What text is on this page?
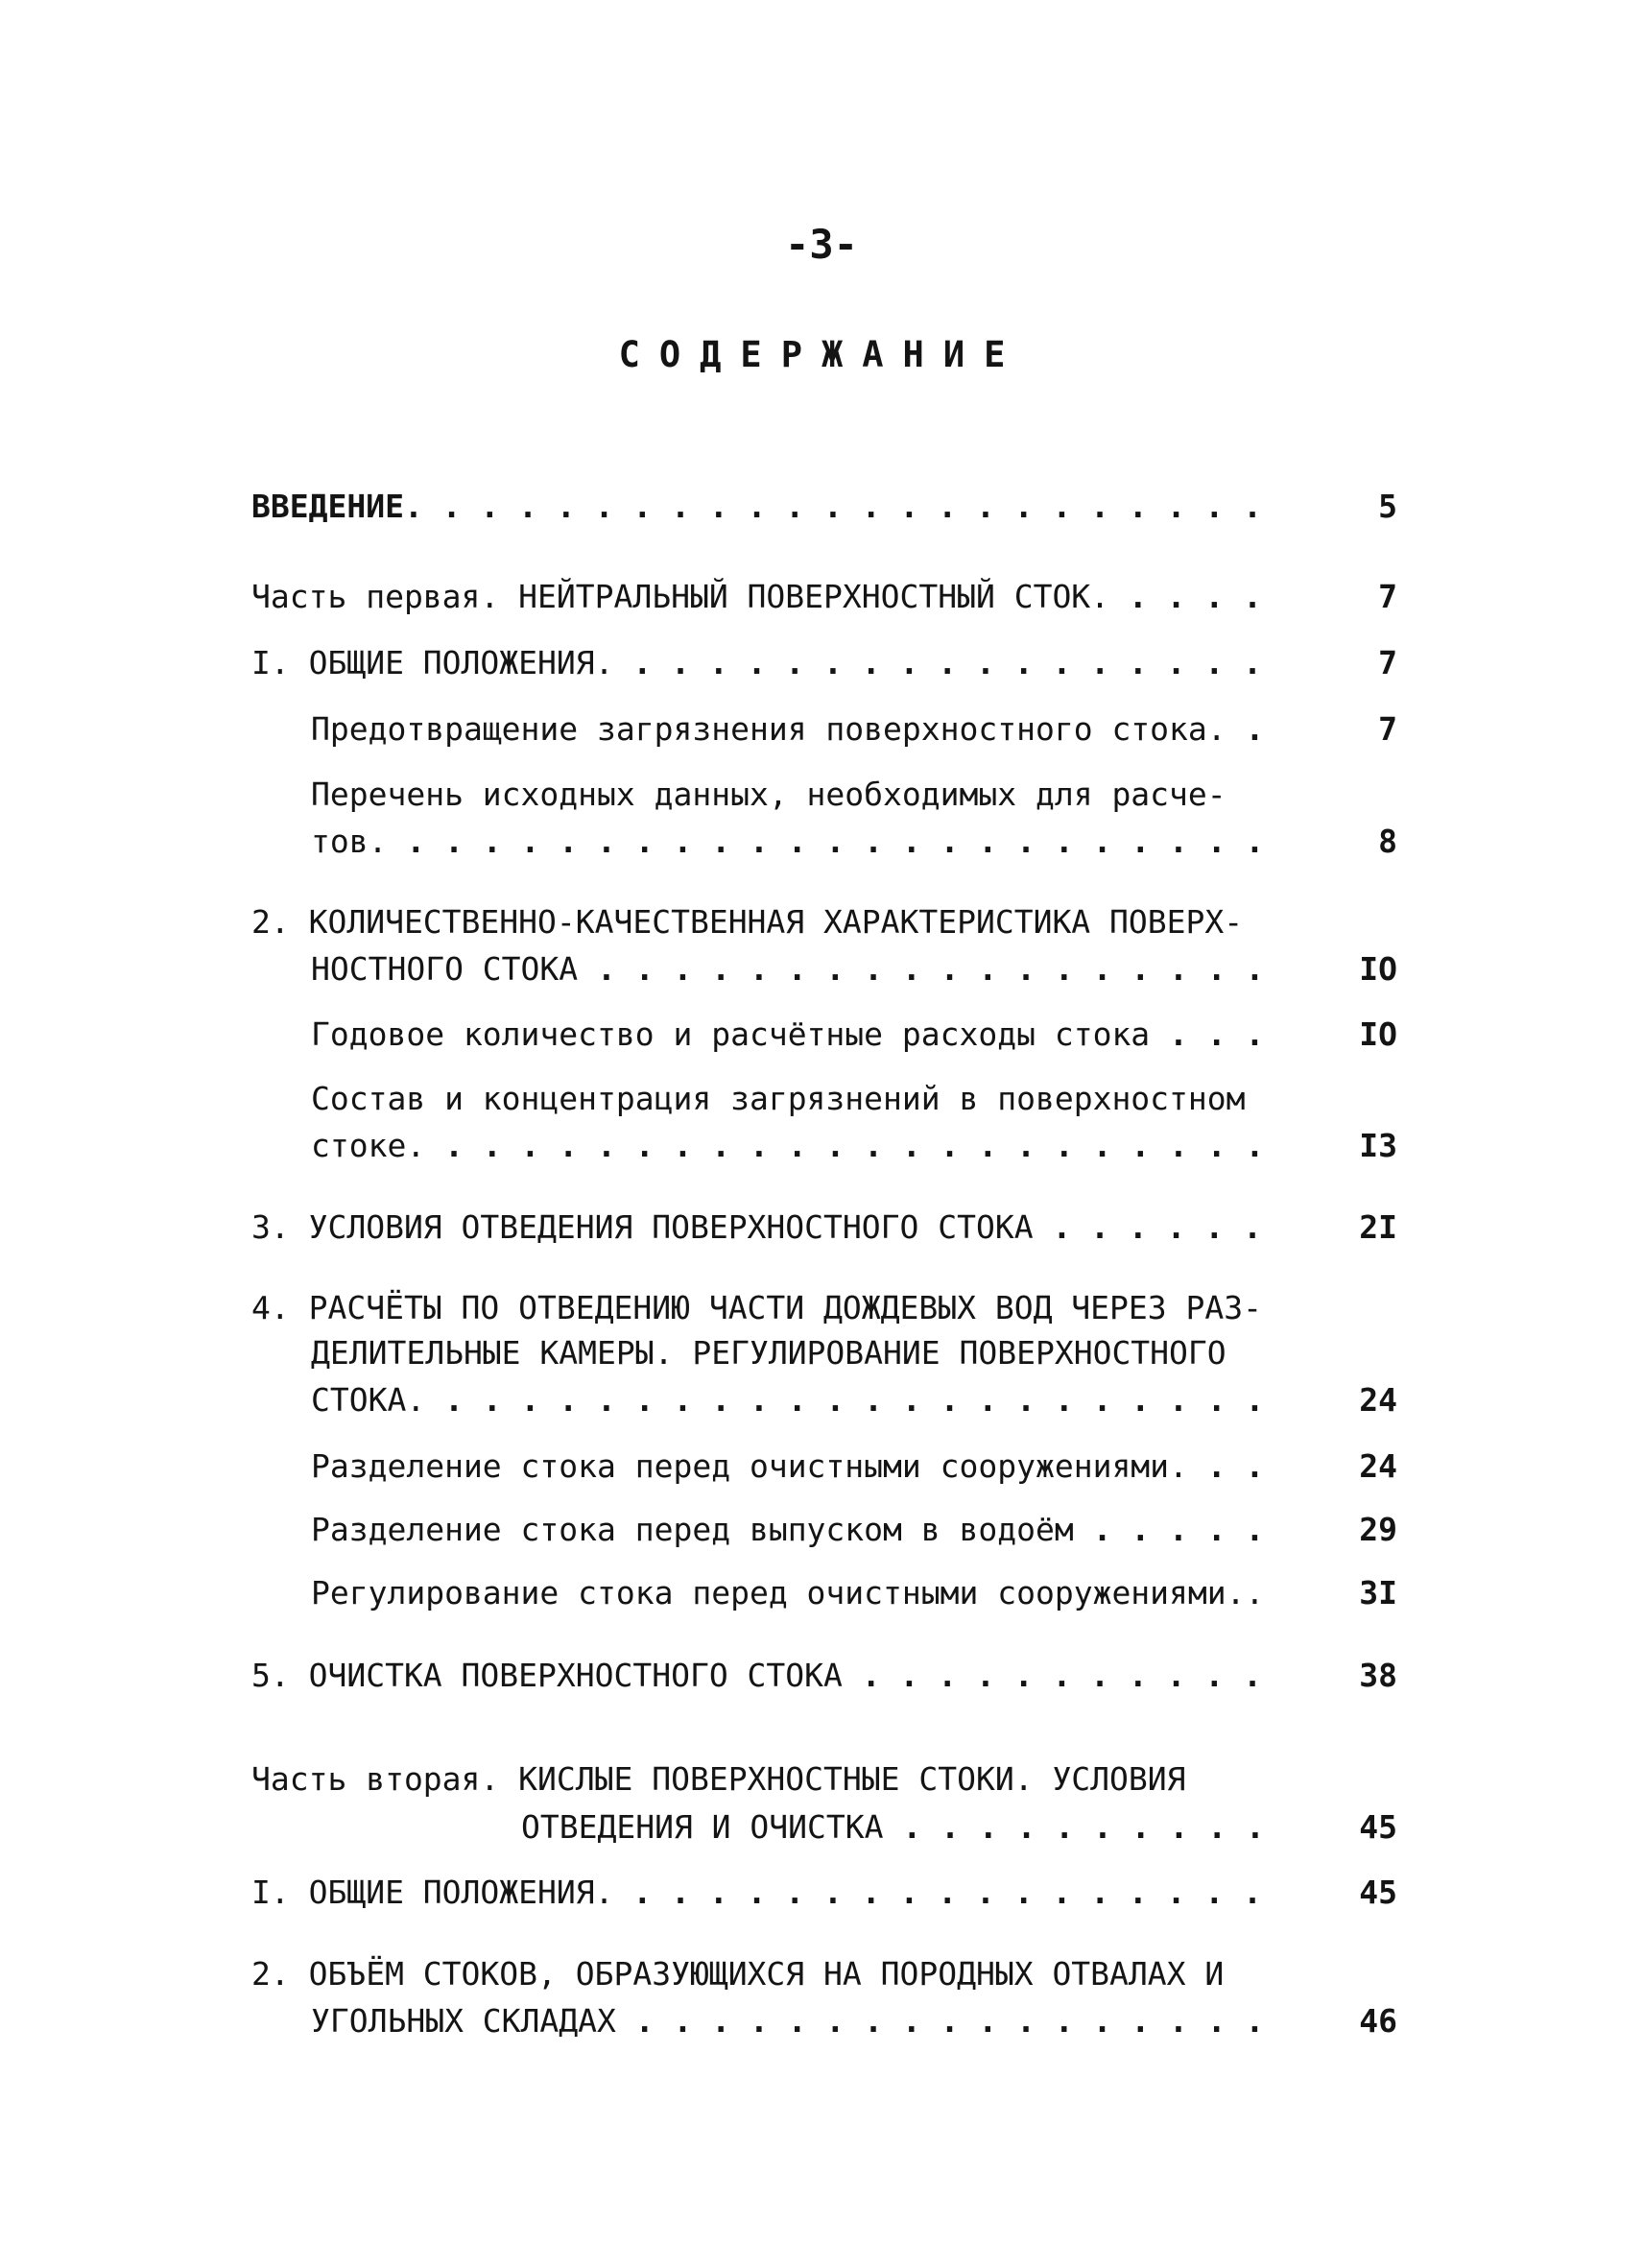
-3-
СОДЕРЖАНИЕ
ВВЕДЕНИЕ. . . .	5
Часть первая. НЕЙТРАЛЬНЫЙ ПОВЕРХНОСТНЫЙ СТОК. . . .	7
I. ОБЩИЕ ПОЛОЖЕНИЯ. . . .	7
Предотвращение загрязнения поверхностного стока. . . .	7
Перечень исходных данных, необходимых для расче-
тов. . . .	8
2. КОЛИЧЕСТВЕННО-КАЧЕСТВЕННАЯ ХАРАКТЕРИСТИКА ПОВЕРХ-
НОСТНОГО СТОКА . . .	IO
Годовое количество и расчётные расходы стока . . .	IO
Состав и концентрация загрязнений в поверхностном
стоке. . . .	I3
3. УСЛОВИЯ ОТВЕДЕНИЯ ПОВЕРХНОСТНОГО СТОКА . . .	2I
4. РАСЧЁТЫ ПО ОТВЕДЕНИЮ ЧАСТИ ДОЖДЕВЫХ ВОД ЧЕРЕЗ РАЗ-
ДЕЛИТЕЛЬНЫЕ КАМЕРЫ. РЕГУЛИРОВАНИЕ ПОВЕРХНОСТНОГО
СТОКА. . . .	24
Разделение стока перед очистными сооружениями. . . .	24
Разделение стока перед выпуском в водоём . . .	29
Регулирование стока перед очистными сооружениями..	3I
5. ОЧИСТКА ПОВЕРХНОСТНОГО СТОКА . . .	38
Часть вторая. КИСЛЫЕ ПОВЕРХНОСТНЫЕ СТОКИ. УСЛОВИЯ
ОТВЕДЕНИЯ И ОЧИСТКА . . .	45
I. ОБЩИЕ ПОЛОЖЕНИЯ. . . .	45
2. ОБЪЁМ СТОКОВ, ОБРАЗУЮЩИХСЯ НА ПОРОДНЫХ ОТВАЛАХ И
УГОЛЬНЫХ СКЛАДАХ . . .	46
